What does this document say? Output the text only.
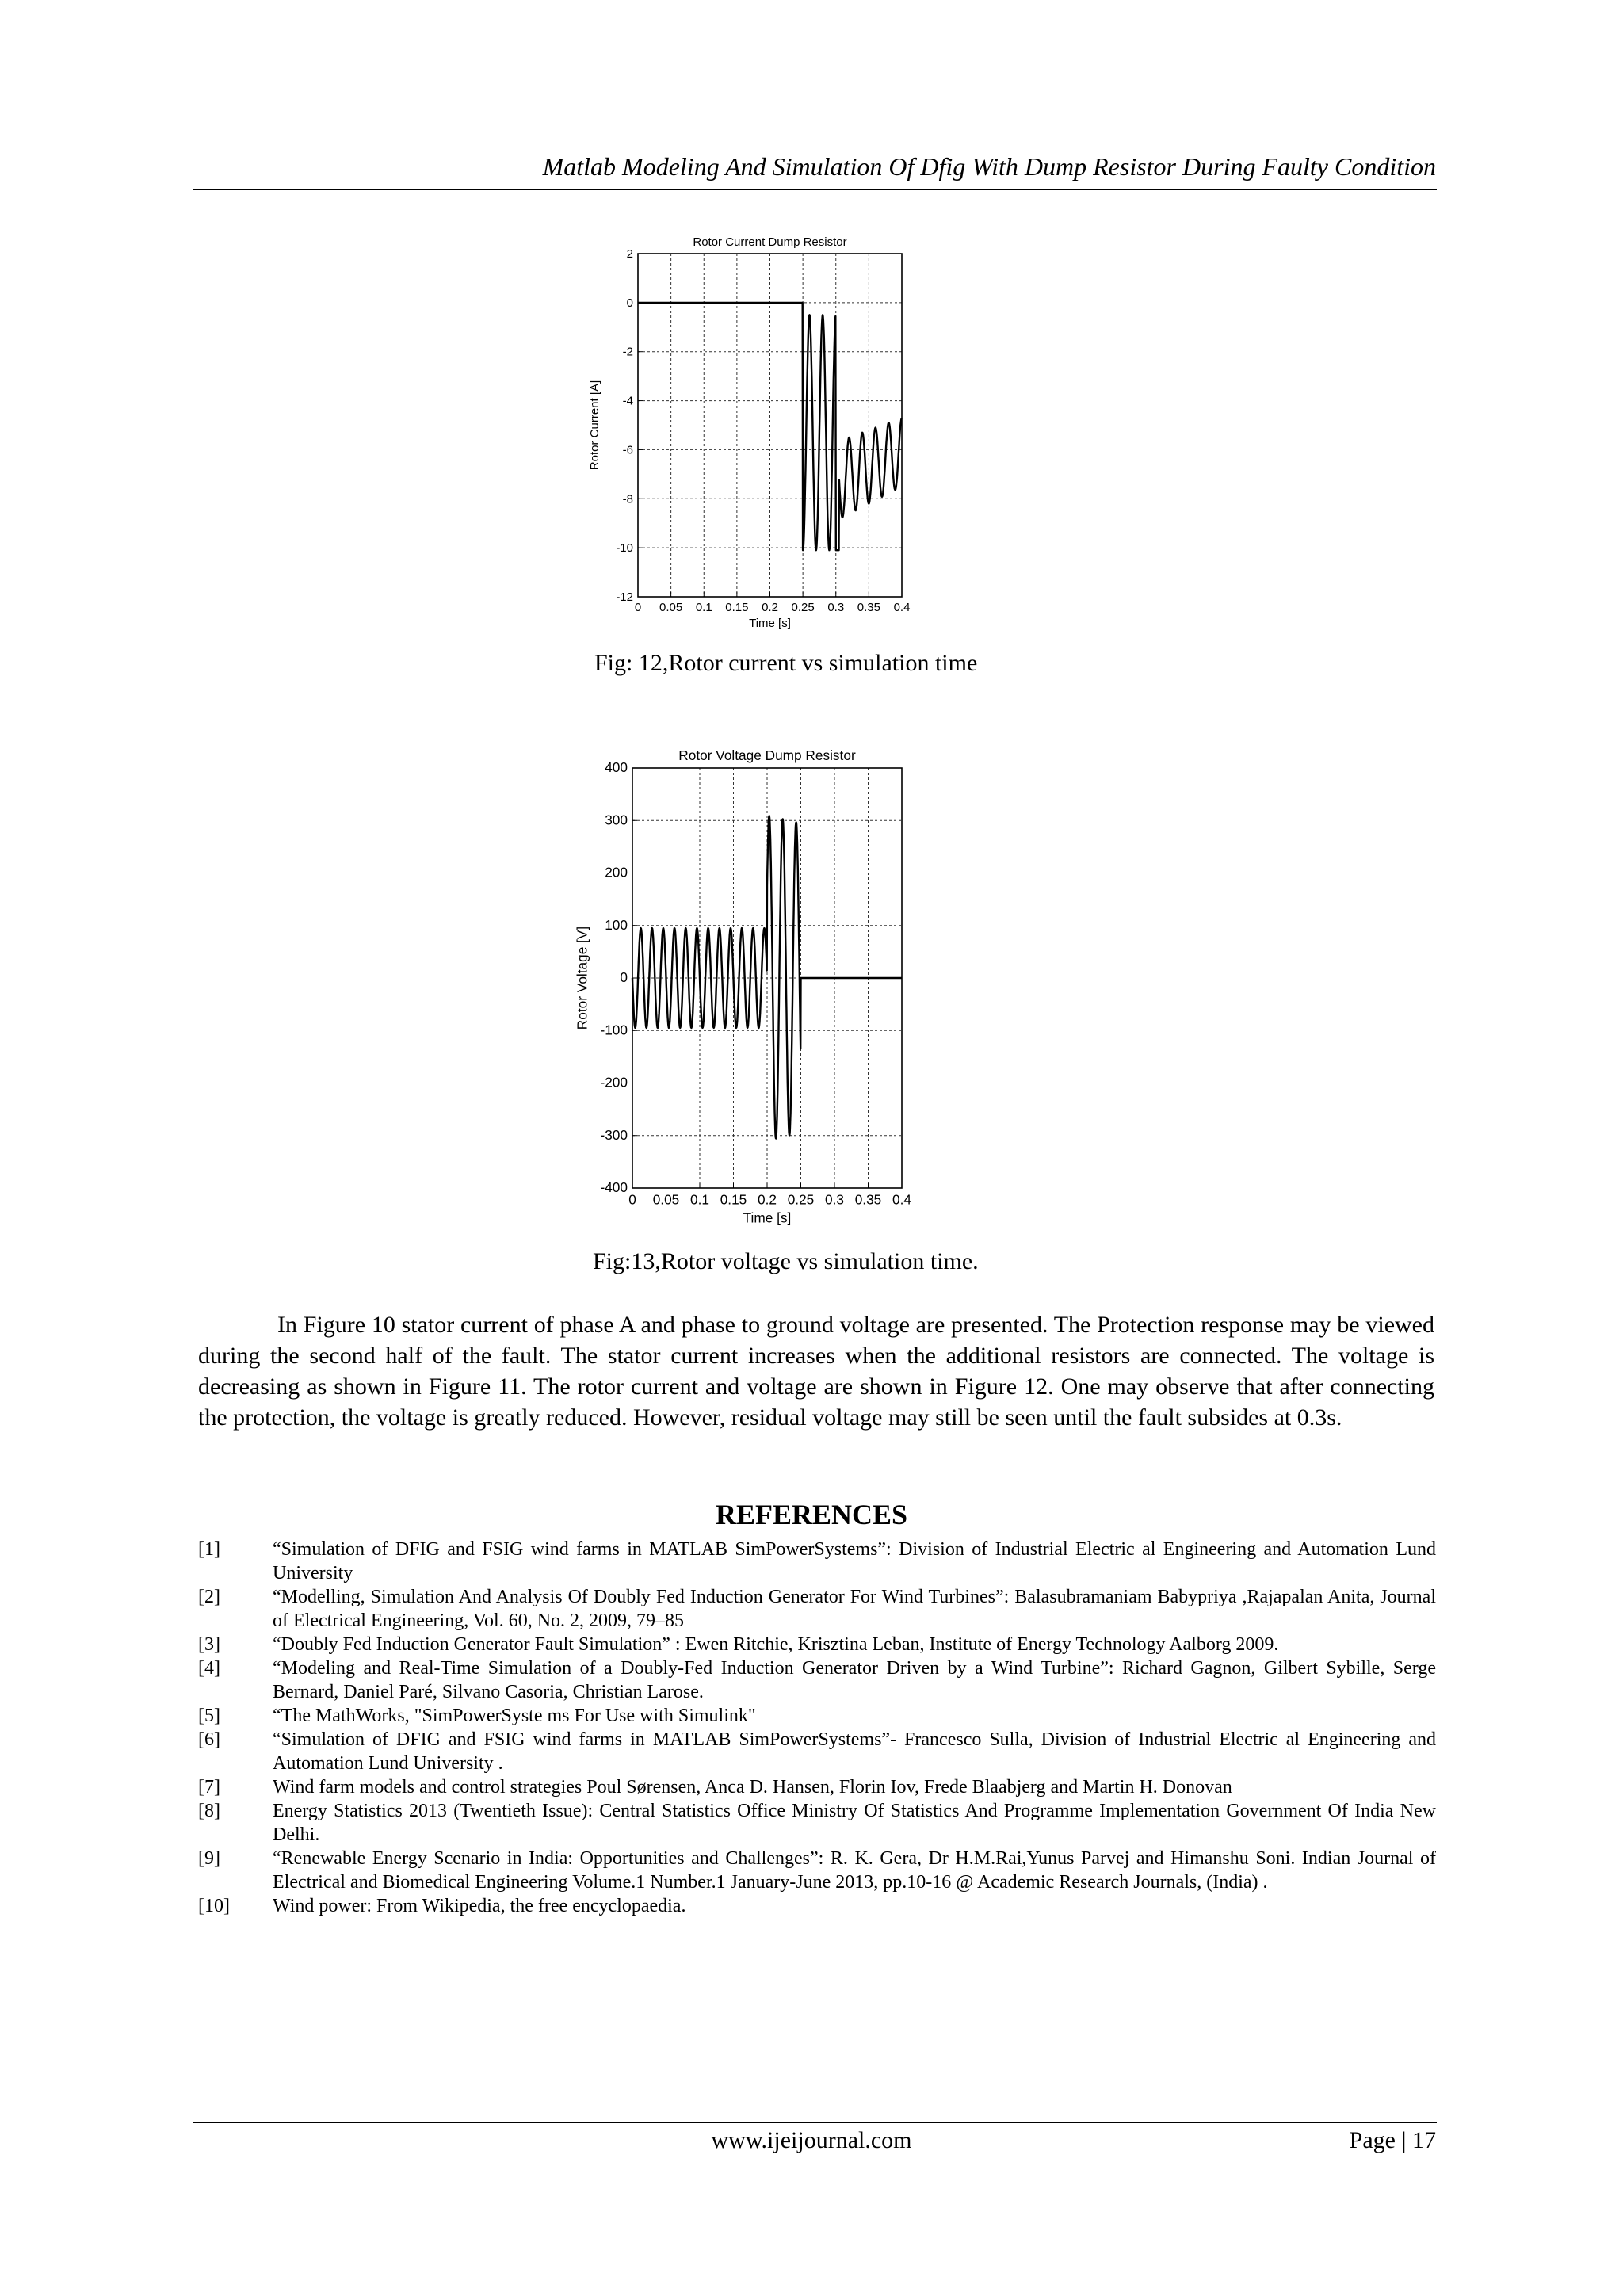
Matlab Modeling And Simulation Of Dfig With Dump Resistor During Faulty Condition
0 0.05 0.1 0.15 0.2 0.25 0.3 0.35 0.4
2
0
-2
-4
-6
-8
-10
-12
Rotor Current Dump Resistor
Time [s]
Rotor Current [A]
Fig: 12,Rotor current vs simulation time
0 0.05 0.1 0.15 0.2 0.25 0.3 0.35 0.4
400
300
200
100
0
-100
-200
-300
-400
Rotor Voltage Dump Resistor
Time [s]
Rotor Voltage [V]
Fig:13,Rotor voltage vs simulation time.

In Figure 10 stator current of phase A and phase to ground voltage are presented. The Protection response may be viewed during the second half of the fault. The stator current increases when the additional resistors are connected. The voltage is decreasing as shown in Figure 11. The rotor current and voltage are shown in Figure 12. One may observe that after connecting the protection, the voltage is greatly reduced. However, residual voltage may still be seen until the fault subsides at 0.3s.

REFERENCES
[1]	“Simulation of DFIG and FSIG wind farms in MATLAB SimPowerSystems”: Division of Industrial Electric al Engineering and Automation Lund University
[2]	“Modelling, Simulation And Analysis Of Doubly Fed Induction Generator For Wind Turbines”: Balasubramaniam Babypriya ,Rajapalan Anita, Journal of Electrical Engineering, Vol. 60, No. 2, 2009, 79–85
[3]	“Doubly Fed Induction Generator Fault Simulation” : Ewen Ritchie, Krisztina Leban, Institute of Energy Technology Aalborg 2009.
[4]	“Modeling and Real-Time Simulation of a Doubly-Fed Induction Generator Driven by a Wind Turbine”: Richard Gagnon, Gilbert Sybille, Serge Bernard, Daniel Paré, Silvano Casoria, Christian Larose.
[5]	“The MathWorks, "SimPowerSyste ms For Use with Simulink"
[6]	“Simulation of DFIG and FSIG wind farms in MATLAB SimPowerSystems”- Francesco Sulla, Division of Industrial Electric al Engineering and Automation Lund University .
[7]	Wind farm models and control strategies Poul Sørensen, Anca D. Hansen, Florin Iov, Frede Blaabjerg and Martin H. Donovan
[8]	Energy Statistics 2013 (Twentieth Issue): Central Statistics Office Ministry Of Statistics And Programme Implementation Government Of India New Delhi.
[9]	“Renewable Energy Scenario in India: Opportunities and Challenges”: R. K. Gera, Dr H.M.Rai,Yunus Parvej and Himanshu Soni. Indian Journal of Electrical and Biomedical Engineering Volume.1 Number.1 January-June 2013, pp.10-16 @ Academic Research Journals, (India) .
[10]	Wind power: From Wikipedia, the free encyclopaedia.
www.ijeijournal.com	Page | 17
